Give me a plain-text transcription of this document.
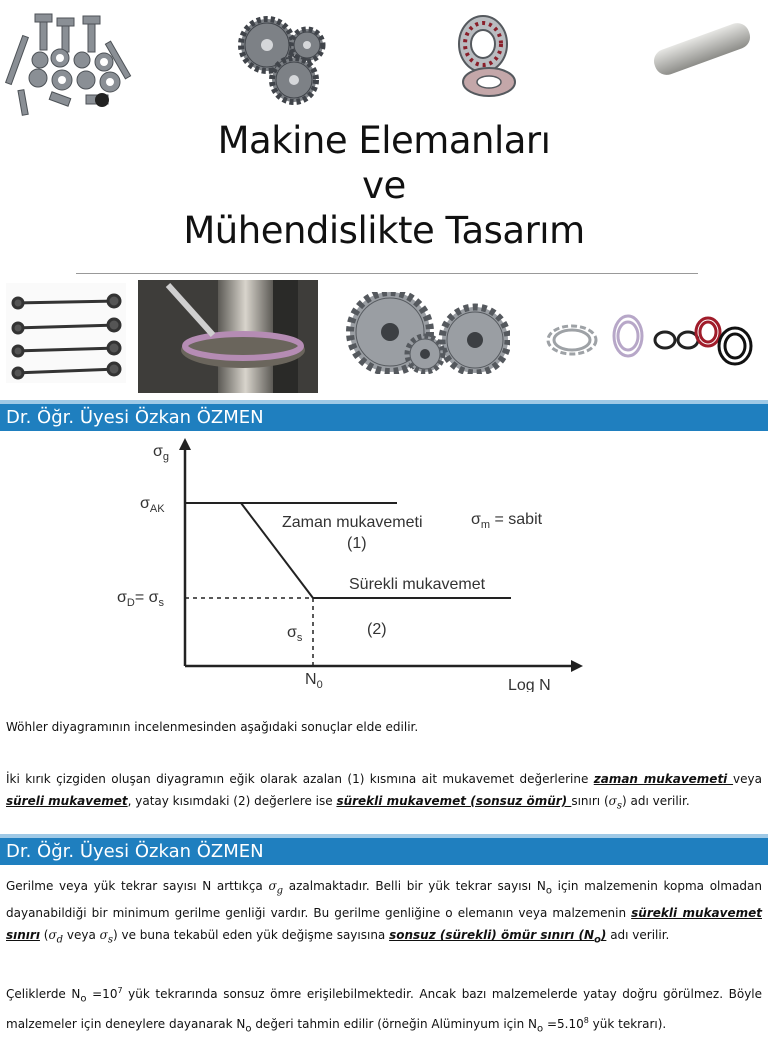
Makine Elemanları
ve
Mühendislikte Tasarım
Dr. Öğr. Üyesi Özkan ÖZMEN
$\sigma_g$
$\sigma_{AK}$
$\sigma_D= \sigma_s$
$\sigma_s$
Zaman mukavemeti
(1)
Sürekli mukavemet
(2)
$\sigma_m$ = sabit
$N_0$	Log N
Wöhler diyagramının incelenmesinden aşağıdaki sonuçlar elde edilir.
İki kırık çizgiden oluşan diyagramın eğik olarak azalan (1) kısmına ait mukavemet değerlerine zaman mukavemeti veya süreli mukavemet, yatay kısımdaki (2) değerlere ise sürekli mukavemet (sonsuz ömür) sınırı $(\sigma_s)$ adı verilir.
Dr. Öğr. Üyesi Özkan ÖZMEN
Gerilme veya yük tekrar sayısı N arttıkça $\sigma_g$ azalmaktadır. Belli bir yük tekrar sayısı $N_o$ için malzemenin kopma olmadan dayanabildiği bir minimum gerilme genliği vardır. Bu gerilme genliğine o elemanın veya malzemenin sürekli mukavemet sınırı ($\sigma_d$ veya $\sigma_s$) ve buna tekabül eden yük değişme sayısına sonsuz (sürekli) ömür sınırı $(N_o)$ adı verilir.
Çeliklerde $N_o =10^7$ yük tekrarında sonsuz ömre erişilebilmektedir. Ancak bazı malzemelerde yatay doğru görülmez. Böyle malzemeler için deneylere dayanarak $N_o$ değeri tahmin edilir (örneğin Alüminyum için $N_o =5.10^8$ yük tekrarı).
